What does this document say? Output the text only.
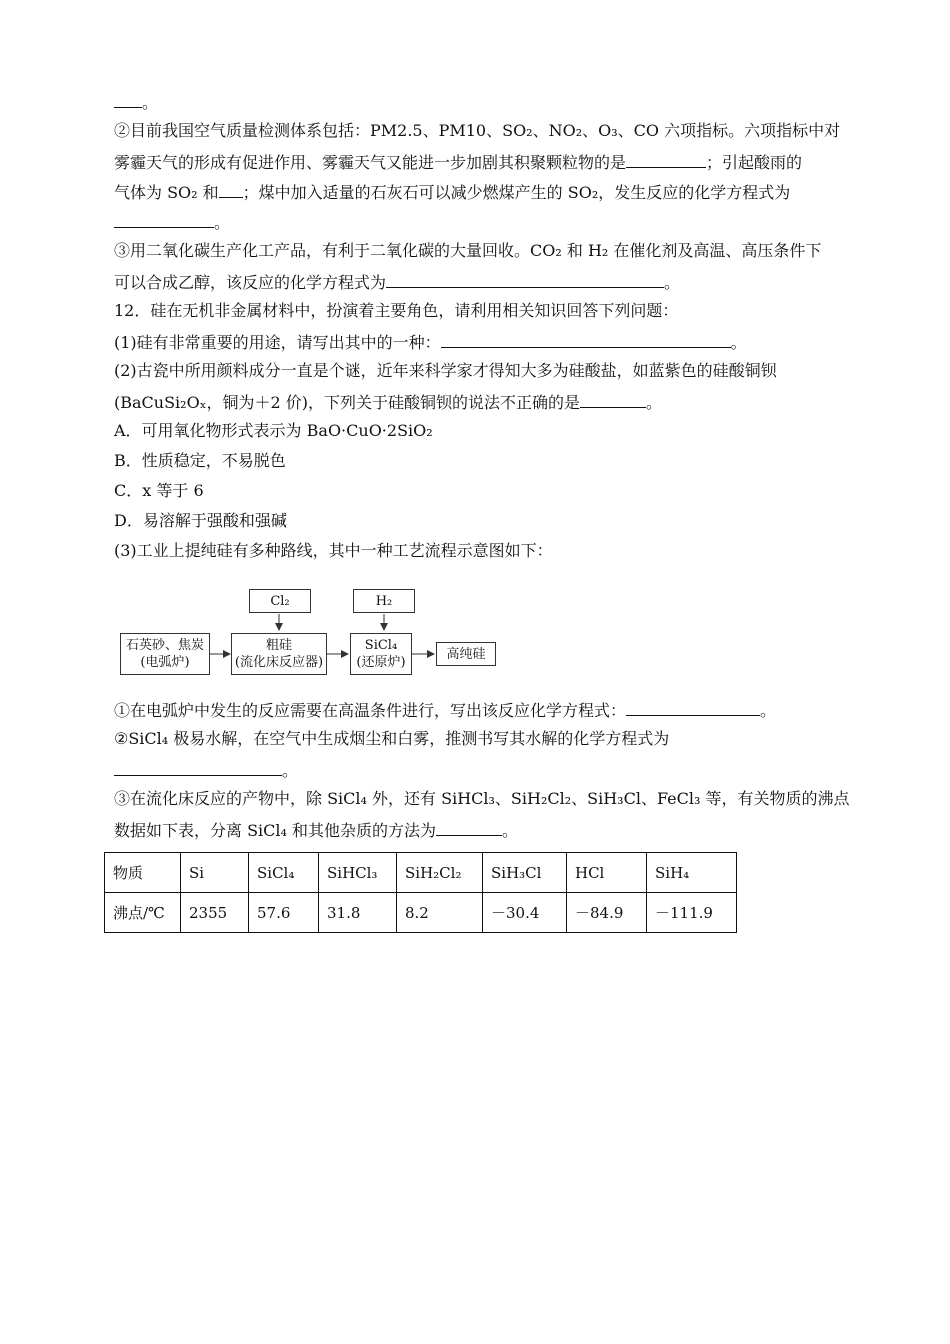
。
②目前我国空气质量检测体系包括：PM2.5、PM10、SO₂、NO₂、O₃、CO 六项指标。六项指标中对
雾霾天气的形成有促进作用、雾霾天气又能进一步加剧其积聚颗粒物的是	；引起酸雨的
气体为 SO₂ 和 ；煤中加入适量的石灰石可以减少燃煤产生的 SO₂，发生反应的化学方程式为
。
③用二氧化碳生产化工产品，有利于二氧化碳的大量回收。CO₂ 和 H₂ 在催化剂及高温、高压条件下
可以合成乙醇，该反应的化学方程式为	。
12．硅在无机非金属材料中，扮演着主要角色，请利用相关知识回答下列问题：
(1)硅有非常重要的用途，请写出其中的一种：	。
(2)古瓷中所用颜料成分一直是个谜，近年来科学家才得知大多为硅酸盐，如蓝紫色的硅酸铜钡
(BaCuSi₂Oₓ，铜为＋2 价)，下列关于硅酸铜钡的说法不正确的是	。
A．可用氧化物形式表示为 BaO·CuO·2SiO₂
B．性质稳定，不易脱色
C．x 等于 6
D．易溶解于强酸和强碱
(3)工业上提纯硅有多种路线，其中一种工艺流程示意图如下：
Cl₂	H₂
石英砂、焦炭
(电弧炉)
粗硅
(流化床反应器)
SiCl₄
(还原炉)
高纯硅
①在电弧炉中发生的反应需要在高温条件进行，写出该反应化学方程式：	。
②SiCl₄ 极易水解，在空气中生成烟尘和白雾，推测书写其水解的化学方程式为
。
③在流化床反应的产物中，除 SiCl₄ 外，还有 SiHCl₃、SiH₂Cl₂、SiH₃Cl、FeCl₃ 等，有关物质的沸点
数据如下表，分离 SiCl₄ 和其他杂质的方法为	。
物质	Si	SiCl₄	SiHCl₃	SiH₂Cl₂	SiH₃Cl	HCl	SiH₄
沸点/℃	2355	57.6	31.8	8.2	－30.4	－84.9	－111.9
